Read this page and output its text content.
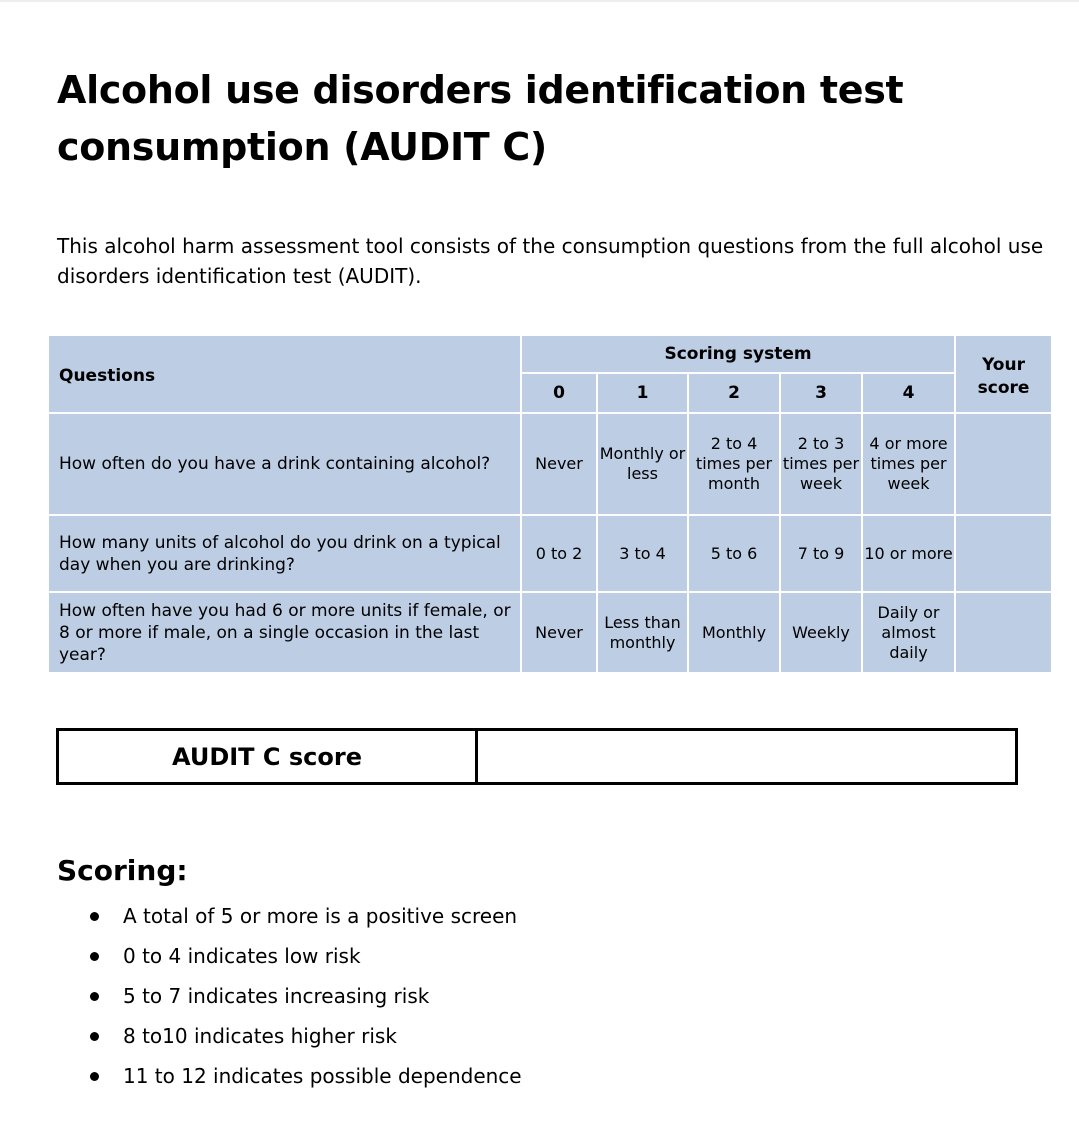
Alcohol use disorders identification test consumption (AUDIT C)

This alcohol harm assessment tool consists of the consumption questions from the full alcohol use disorders identification test (AUDIT).

Questions	Scoring system					Your score
	0	1	2	3	4	
How often do you have a drink containing alcohol?	Never	Monthly or less	2 to 4 times per month	2 to 3 times per week	4 or more times per week	
How many units of alcohol do you drink on a typical day when you are drinking?	0 to 2	3 to 4	5 to 6	7 to 9	10 or more	
How often have you had 6 or more units if female, or 8 or more if male, on a single occasion in the last year?	Never	Less than monthly	Monthly	Weekly	Daily or almost daily	
AUDIT C score
Scoring:
A total of 5 or more is a positive screen
0 to 4 indicates low risk
5 to 7 indicates increasing risk
8 to10 indicates higher risk
11 to 12 indicates possible dependence
